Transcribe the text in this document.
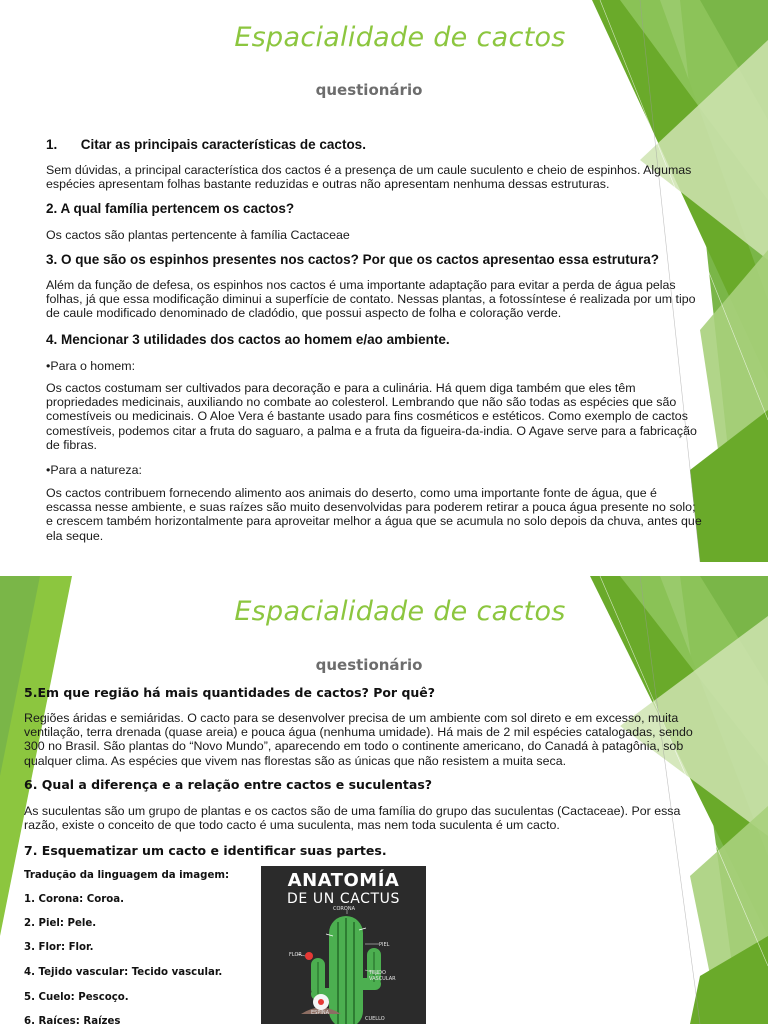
Espacialidade de cactos
questionário
1. Citar as principais características de cactos.
Sem dúvidas, a principal característica dos cactos é a presença de um caule suculento e cheio de espinhos. Algumas
espécies apresentam folhas bastante reduzidas e outras não apresentam nenhuma dessas estruturas.
2. A qual família pertencem os cactos?
Os cactos são plantas pertencente à família Cactaceae
3. O que são os espinhos presentes nos cactos? Por que os cactos apresentao essa estrutura?
Além da função de defesa, os espinhos nos cactos é uma importante adaptação para evitar a perda de água pelas
folhas, já que essa modificação diminui a superfície de contato. Nessas plantas, a fotossíntese é realizada por um tipo
de caule modificado denominado de cladódio, que possui aspecto de folha e coloração verde.
4. Mencionar 3 utilidades dos cactos ao homem e/ao ambiente.
•Para o homem:
Os cactos costumam ser cultivados para decoração e para a culinária. Há quem diga também que eles têm
propriedades medicinais, auxiliando no combate ao colesterol. Lembrando que não são todas as espécies que são
comestíveis ou medicinais. O Aloe Vera é bastante usado para fins cosméticos e estéticos. Como exemplo de cactos
comestíveis, podemos citar a fruta do saguaro, a palma e a fruta da figueira-da-india. O Agave serve para a fabricação
de fibras.
•Para a natureza:
Os cactos contribuem fornecendo alimento aos animais do deserto, como uma importante fonte de água, que é
escassa nesse ambiente, e suas raízes são muito desenvolvidas para poderem retirar a pouca água presente no solo;
e crescem também horizontalmente para aproveitar melhor a água que se acumula no solo depois da chuva, antes que
ela seque.
Espacialidade de cactos
questionário
5.Em que região há mais quantidades de cactos? Por quê?
Regiões áridas e semiáridas. O cacto para se desenvolver precisa de um ambiente com sol direto e em excesso, muita
ventilação, terra drenada (quase areia) e pouca água (nenhuma umidade). Há mais de 2 mil espécies catalogadas, sendo
300 no Brasil. São plantas do “Novo Mundo”, aparecendo em todo o continente americano, do Canadá à patagônia, sob
qualquer clima. As espécies que vivem nas florestas são as únicas que não resistem a muita seca.
6. Qual a diferença e a relação entre cactos e suculentas?
As suculentas são um grupo de plantas e os cactos são de uma família do grupo das suculentas (Cactaceae). Por essa
razão, existe o conceito de que todo cacto é uma suculenta, mas nem toda suculenta é um cacto.
7. Esquematizar um cacto e identificar suas partes.
Tradução da linguagem da imagem:
1. Corona: Coroa.
2. Piel: Pele.
3. Flor: Flor.
4. Tejido vascular: Tecido vascular.
5. Cuelo: Pescoço.
6. Raíces: Raízes
ANATOMÍA
DE UN CACTUS
CORONA
PIEL
FLOR
TEJIDO VASCULAR
ESPINA
CUELLO
